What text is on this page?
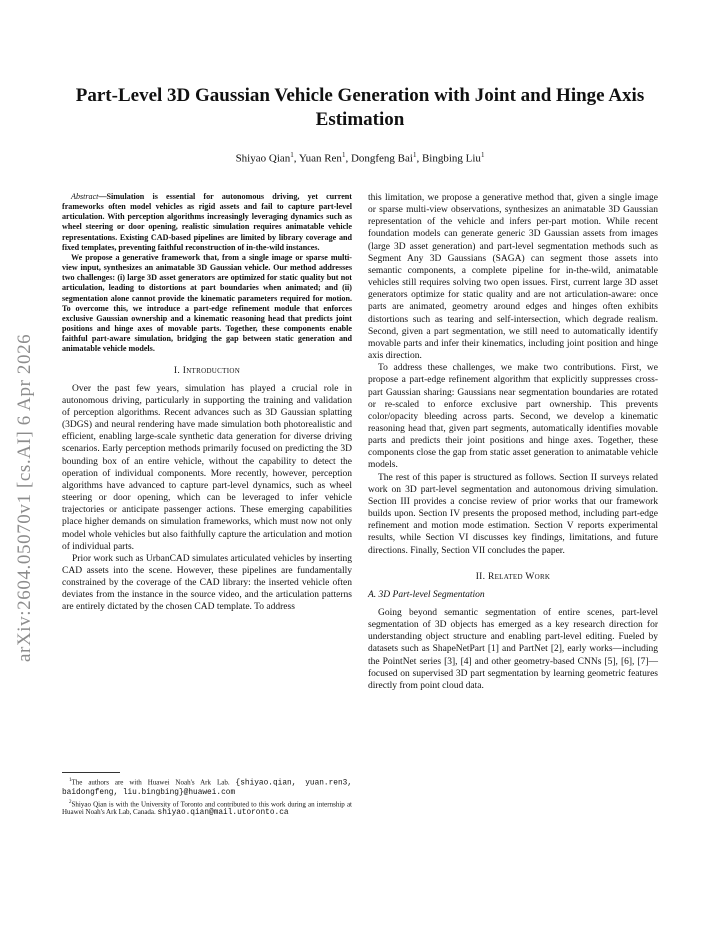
arXiv:2604.05070v1 [cs.AI] 6 Apr 2026
Part-Level 3D Gaussian Vehicle Generation with Joint and Hinge Axis Estimation
Shiyao Qian$^1$, Yuan Ren$^1$, Dongfeng Bai$^1$, Bingbing Liu$^1$

Abstract—Simulation is essential for autonomous driving, yet current frameworks often model vehicles as rigid assets and fail to capture part-level articulation. With perception algorithms increasingly leveraging dynamics such as wheel steering or door opening, realistic simulation requires animatable vehicle representations. Existing CAD-based pipelines are limited by library coverage and fixed templates, preventing faithful reconstruction of in-the-wild instances.

We propose a generative framework that, from a single image or sparse multi-view input, synthesizes an animatable 3D Gaussian vehicle. Our method addresses two challenges: (i) large 3D asset generators are optimized for static quality but not articulation, leading to distortions at part boundaries when animated; and (ii) segmentation alone cannot provide the kinematic parameters required for motion. To overcome this, we introduce a part-edge refinement module that enforces exclusive Gaussian ownership and a kinematic reasoning head that predicts joint positions and hinge axes of movable parts. Together, these components enable faithful part-aware simulation, bridging the gap between static generation and animatable vehicle models.

I. Introduction

Over the past few years, simulation has played a crucial role in autonomous driving, particularly in supporting the training and validation of perception algorithms. Recent advances such as 3D Gaussian splatting (3DGS) and neural rendering have made simulation both photorealistic and efficient, enabling large-scale synthetic data generation for diverse driving scenarios. Early perception methods primarily focused on predicting the 3D bounding box of an entire vehicle, without the capability to detect the operation of individual components. More recently, however, perception algorithms have advanced to capture part-level dynamics, such as wheel steering or door opening, which can be leveraged to infer vehicle trajectories or anticipate passenger actions. These emerging capabilities place higher demands on simulation frameworks, which must now not only model whole vehicles but also faithfully capture the articulation and motion of individual parts.

Prior work such as UrbanCAD simulates articulated vehicles by inserting CAD assets into the scene. However, these pipelines are fundamentally constrained by the coverage of the CAD library: the inserted vehicle often deviates from the instance in the source video, and the articulation patterns are entirely dictated by the chosen CAD template. To address

$^1$The authors are with Huawei Noah's Ark Lab. {shiyao.qian, yuan.ren3, baidongfeng, liu.bingbing}@huawei.com

$^2$Shiyao Qian is with the University of Toronto and contributed to this work during an internship at Huawei Noah's Ark Lab, Canada. shiyao.qian@mail.utoronto.ca

this limitation, we propose a generative method that, given a single image or sparse multi-view observations, synthesizes an animatable 3D Gaussian representation of the vehicle and infers per-part motion. While recent foundation models can generate generic 3D Gaussian assets from images (large 3D asset generation) and part-level segmentation methods such as Segment Any 3D Gaussians (SAGA) can segment those assets into semantic components, a complete pipeline for in-the-wild, animatable vehicles still requires solving two open issues. First, current large 3D asset generators optimize for static quality and are not articulation-aware: once parts are animated, geometry around edges and hinges often exhibits distortions such as tearing and self-intersection, which degrade realism. Second, given a part segmentation, we still need to automatically identify movable parts and infer their kinematics, including joint position and hinge axis direction.

To address these challenges, we make two contributions. First, we propose a part-edge refinement algorithm that explicitly suppresses cross-part Gaussian sharing: Gaussians near segmentation boundaries are rotated or re-scaled to enforce exclusive part ownership. This prevents color/opacity bleeding across parts. Second, we develop a kinematic reasoning head that, given part segments, automatically identifies movable parts and predicts their joint positions and hinge axes. Together, these components close the gap from static asset generation to animatable vehicle models.

The rest of this paper is structured as follows. Section II surveys related work on 3D part-level segmentation and autonomous driving simulation. Section III provides a concise review of prior works that our framework builds upon. Section IV presents the proposed method, including part-edge refinement and motion mode estimation. Section V reports experimental results, while Section VI discusses key findings, limitations, and future directions. Finally, Section VII concludes the paper.

II. Related Work
A. 3D Part-level Segmentation

Going beyond semantic segmentation of entire scenes, part-level segmentation of 3D objects has emerged as a key research direction for understanding object structure and enabling part-level editing. Fueled by datasets such as ShapeNetPart [1] and PartNet [2], early works—including the PointNet series [3], [4] and other geometry-based CNNs [5], [6], [7]—focused on supervised 3D part segmentation by learning geometric features directly from point cloud data.
